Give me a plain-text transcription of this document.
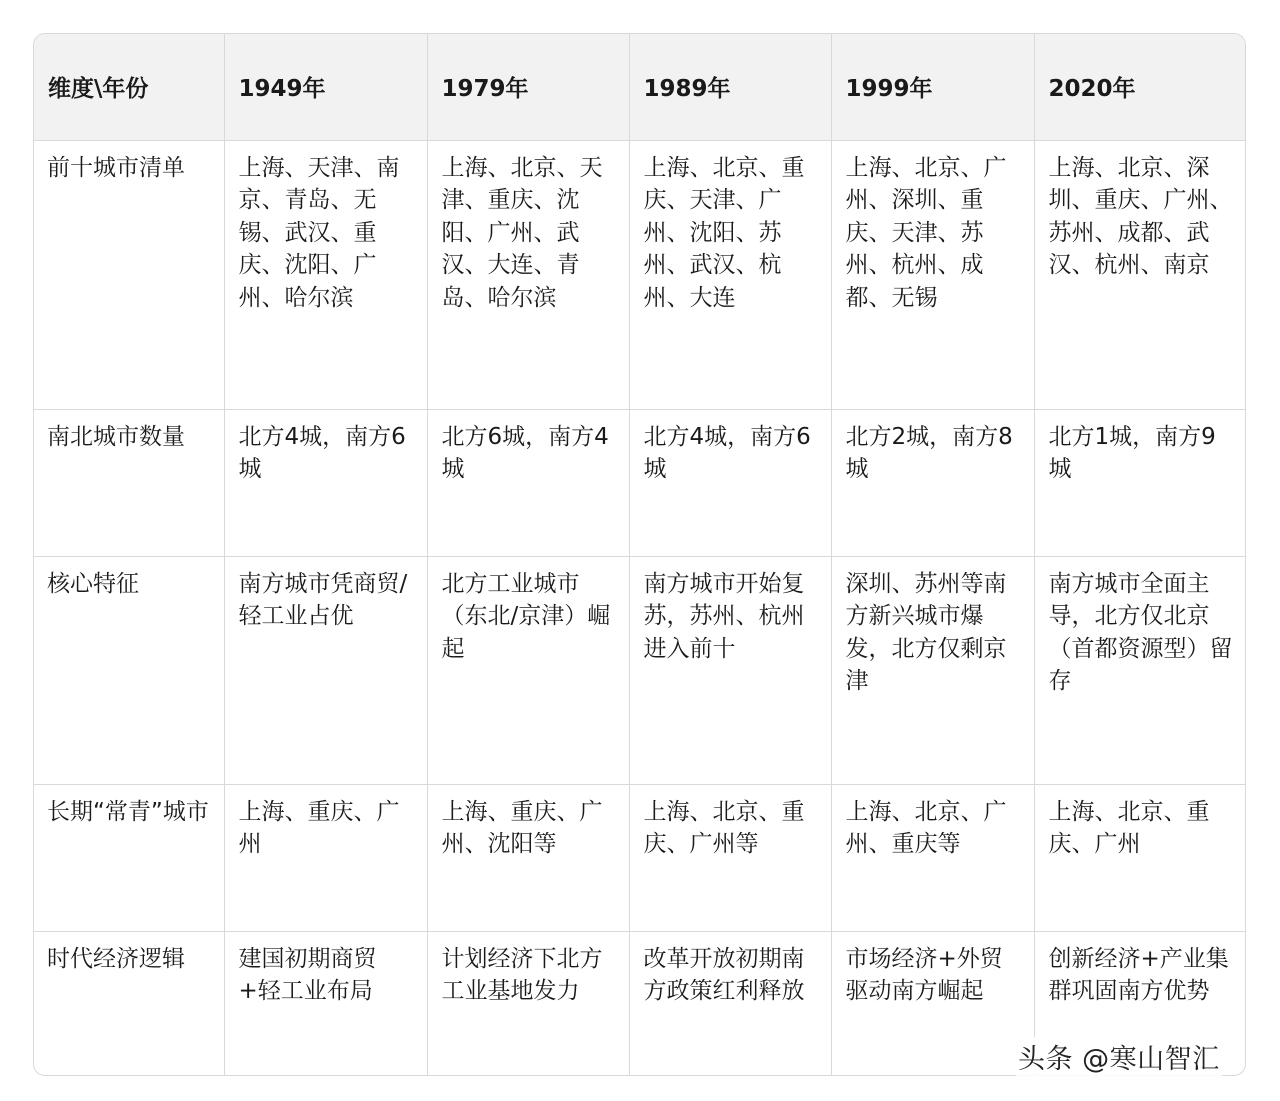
维度\年份	1949年	1979年	1989年	1999年	2020年
前十城市清单	上海、天津、南京、青岛、无锡、武汉、重庆、沈阳、广州、哈尔滨	上海、北京、天津、重庆、沈阳、广州、武汉、大连、青岛、哈尔滨	上海、北京、重庆、天津、广州、沈阳、苏州、武汉、杭州、大连	上海、北京、广州、深圳、重庆、天津、苏州、杭州、成都、无锡	上海、北京、深圳、重庆、广州、苏州、成都、武汉、杭州、南京
南北城市数量	北方4城，南方6城	北方6城，南方4城	北方4城，南方6城	北方2城，南方8城	北方1城，南方9城
核心特征	南方城市凭商贸/轻工业占优	北方工业城市（东北/京津）崛起	南方城市开始复苏，苏州、杭州进入前十	深圳、苏州等南方新兴城市爆发，北方仅剩京津	南方城市全面主导，北方仅北京（首都资源型）留存
长期“常青”城市	上海、重庆、广州	上海、重庆、广州、沈阳等	上海、北京、重庆、广州等	上海、北京、广州、重庆等	上海、北京、重庆、广州
时代经济逻辑	建国初期商贸+轻工业布局	计划经济下北方工业基地发力	改革开放初期南方政策红利释放	市场经济+外贸驱动南方崛起	创新经济+产业集群巩固南方优势
头条 @寒山智汇
